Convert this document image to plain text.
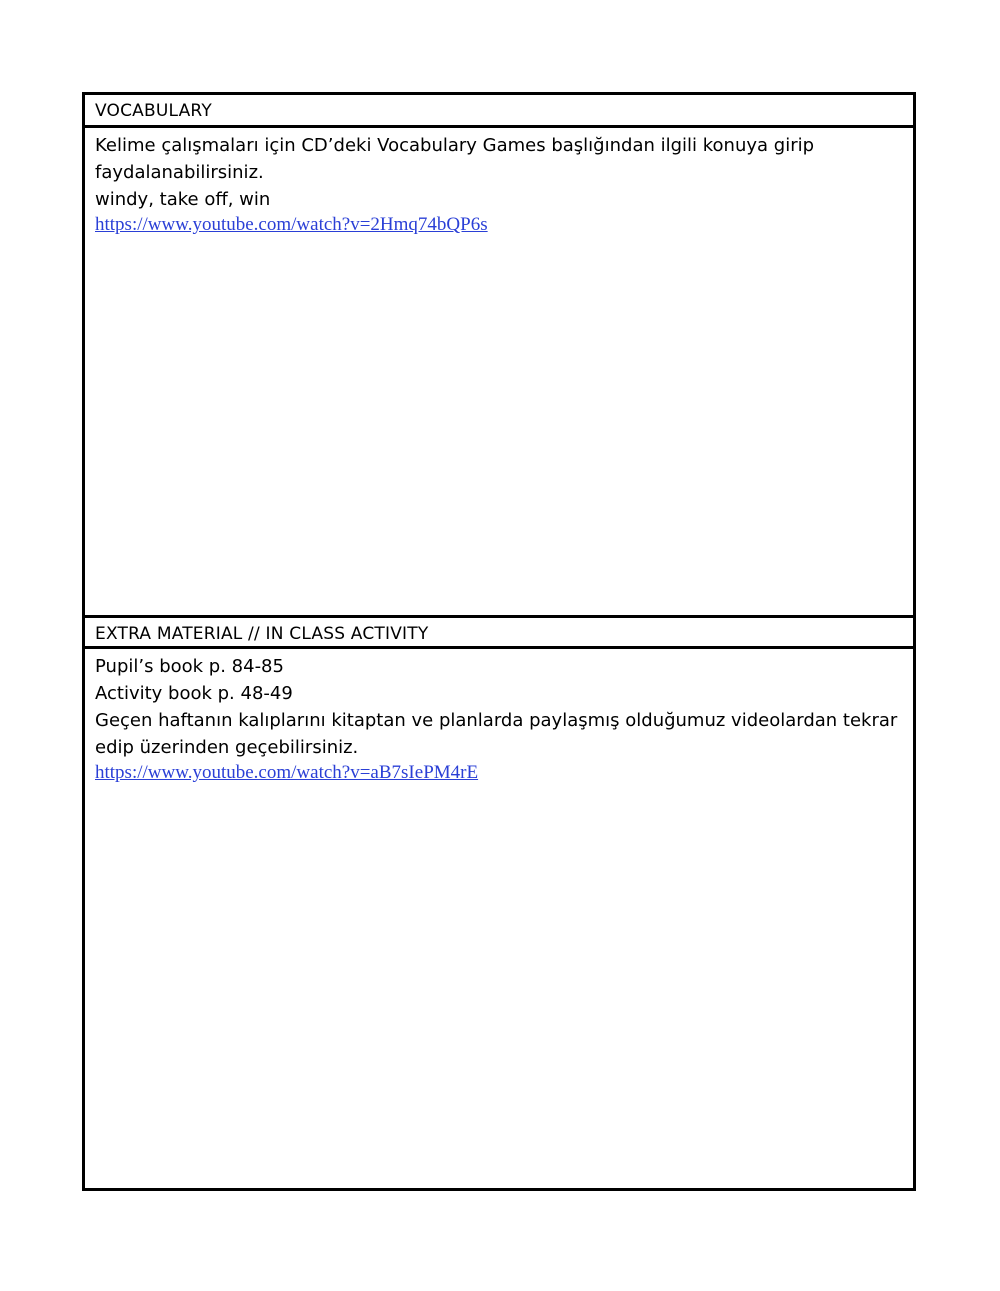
VOCABULARY
Kelime çalışmaları için CD’deki Vocabulary Games başlığından ilgili konuya girip
faydalanabilirsiniz.
windy, take off, win
https://www.youtube.com/watch?v=2Hmq74bQP6s
EXTRA MATERIAL // IN CLASS ACTIVITY
Pupil’s book p. 84-85
Activity book p. 48-49
Geçen haftanın kalıplarını kitaptan ve planlarda paylaşmış olduğumuz videolardan tekrar
edip üzerinden geçebilirsiniz.
https://www.youtube.com/watch?v=aB7sIePM4rE
